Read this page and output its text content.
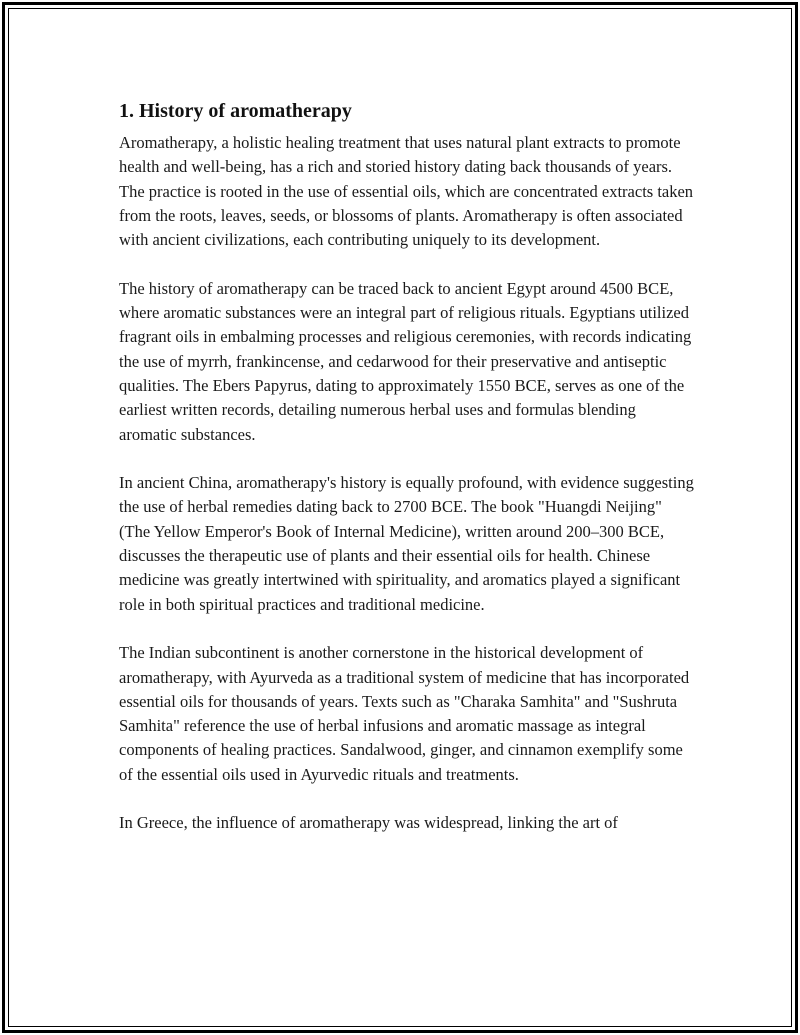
1. History of aromatherapy

Aromatherapy, a holistic healing treatment that uses natural plant extracts to promote health and well-being, has a rich and storied history dating back thousands of years. The practice is rooted in the use of essential oils, which are concentrated extracts taken from the roots, leaves, seeds, or blossoms of plants. Aromatherapy is often associated with ancient civilizations, each contributing uniquely to its development.

The history of aromatherapy can be traced back to ancient Egypt around 4500 BCE, where aromatic substances were an integral part of religious rituals. Egyptians utilized fragrant oils in embalming processes and religious ceremonies, with records indicating the use of myrrh, frankincense, and cedarwood for their preservative and antiseptic qualities. The Ebers Papyrus, dating to approximately 1550 BCE, serves as one of the earliest written records, detailing numerous herbal uses and formulas blending aromatic substances.

In ancient China, aromatherapy's history is equally profound, with evidence suggesting the use of herbal remedies dating back to 2700 BCE. The book "Huangdi Neijing" (The Yellow Emperor's Book of Internal Medicine), written around 200–300 BCE, discusses the therapeutic use of plants and their essential oils for health. Chinese medicine was greatly intertwined with spirituality, and aromatics played a significant role in both spiritual practices and traditional medicine.

The Indian subcontinent is another cornerstone in the historical development of aromatherapy, with Ayurveda as a traditional system of medicine that has incorporated essential oils for thousands of years. Texts such as "Charaka Samhita" and "Sushruta Samhita" reference the use of herbal infusions and aromatic massage as integral components of healing practices. Sandalwood, ginger, and cinnamon exemplify some of the essential oils used in Ayurvedic rituals and treatments.

In Greece, the influence of aromatherapy was widespread, linking the art of
